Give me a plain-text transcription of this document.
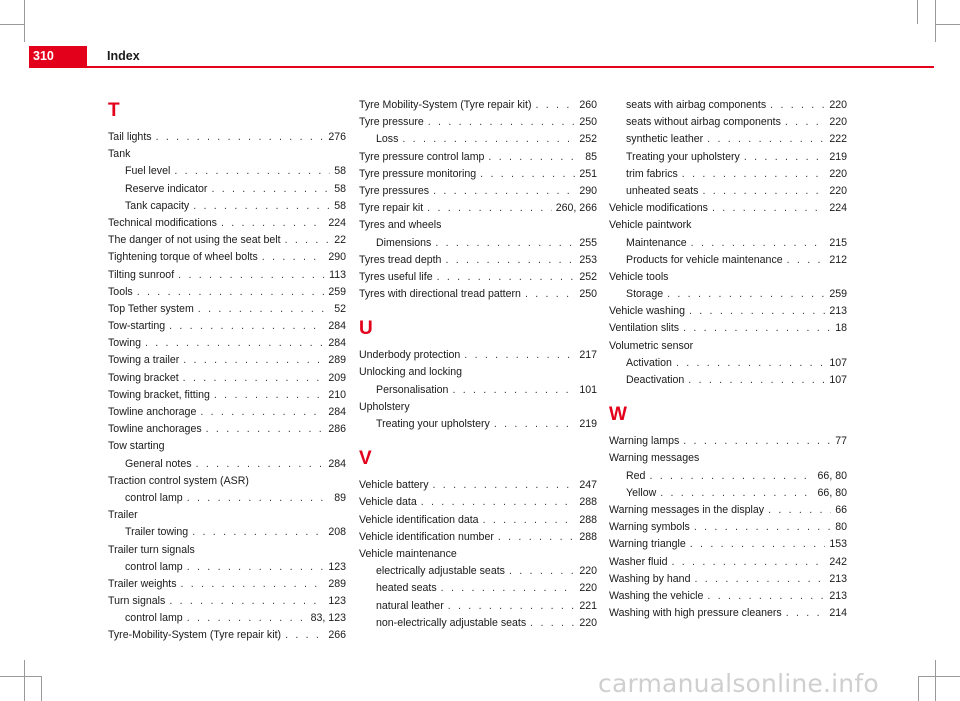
310	Index
T
Tail lights . . .	276
Tank
Fuel level . . .	58
Reserve indicator . . .	58
Tank capacity . . .	58
Technical modifications . . .	224
The danger of not using the seat belt . . .	22
Tightening torque of wheel bolts . . .	290
Tilting sunroof . . .	113
Tools . . .	259
Top Tether system . . .	52
Tow-starting . . .	284
Towing . . .	284
Towing a trailer . . .	289
Towing bracket . . .	209
Towing bracket, fitting . . .	210
Towline anchorage . . .	284
Towline anchorages . . .	286
Tow starting
General notes . . .	284
Traction control system (ASR)
control lamp . . .	89
Trailer
Trailer towing . . .	208
Trailer turn signals
control lamp . . .	123
Trailer weights . . .	289
Turn signals . . .	123
control lamp . . .	83, 123
Tyre-Mobility-System (Tyre repair kit) . . .	266
Tyre Mobility-System (Tyre repair kit) . . .	260
Tyre pressure . . .	250
Loss . . .	252
Tyre pressure control lamp . . .	85
Tyre pressure monitoring . . .	251
Tyre pressures . . .	290
Tyre repair kit . . .	260, 266
Tyres and wheels
Dimensions . . .	255
Tyres tread depth . . .	253
Tyres useful life . . .	252
Tyres with directional tread pattern . . .	250
U
Underbody protection . . .	217
Unlocking and locking
Personalisation . . .	101
Upholstery
Treating your upholstery . . .	219
V
Vehicle battery . . .	247
Vehicle data . . .	288
Vehicle identification data . . .	288
Vehicle identification number . . .	288
Vehicle maintenance
electrically adjustable seats . . .	220
heated seats . . .	220
natural leather . . .	221
non-electrically adjustable seats . . .	220
seats with airbag components . . .	220
seats without airbag components . . .	220
synthetic leather . . .	222
Treating your upholstery . . .	219
trim fabrics . . .	220
unheated seats . . .	220
Vehicle modifications . . .	224
Vehicle paintwork
Maintenance . . .	215
Products for vehicle maintenance . . .	212
Vehicle tools
Storage . . .	259
Vehicle washing . . .	213
Ventilation slits . . .	18
Volumetric sensor
Activation . . .	107
Deactivation . . .	107
W
Warning lamps . . .	77
Warning messages
Red . . .	66, 80
Yellow . . .	66, 80
Warning messages in the display . . .	66
Warning symbols . . .	80
Warning triangle . . .	153
Washer fluid . . .	242
Washing by hand . . .	213
Washing the vehicle . . .	213
Washing with high pressure cleaners . . .	214
carmanualsonline.info
